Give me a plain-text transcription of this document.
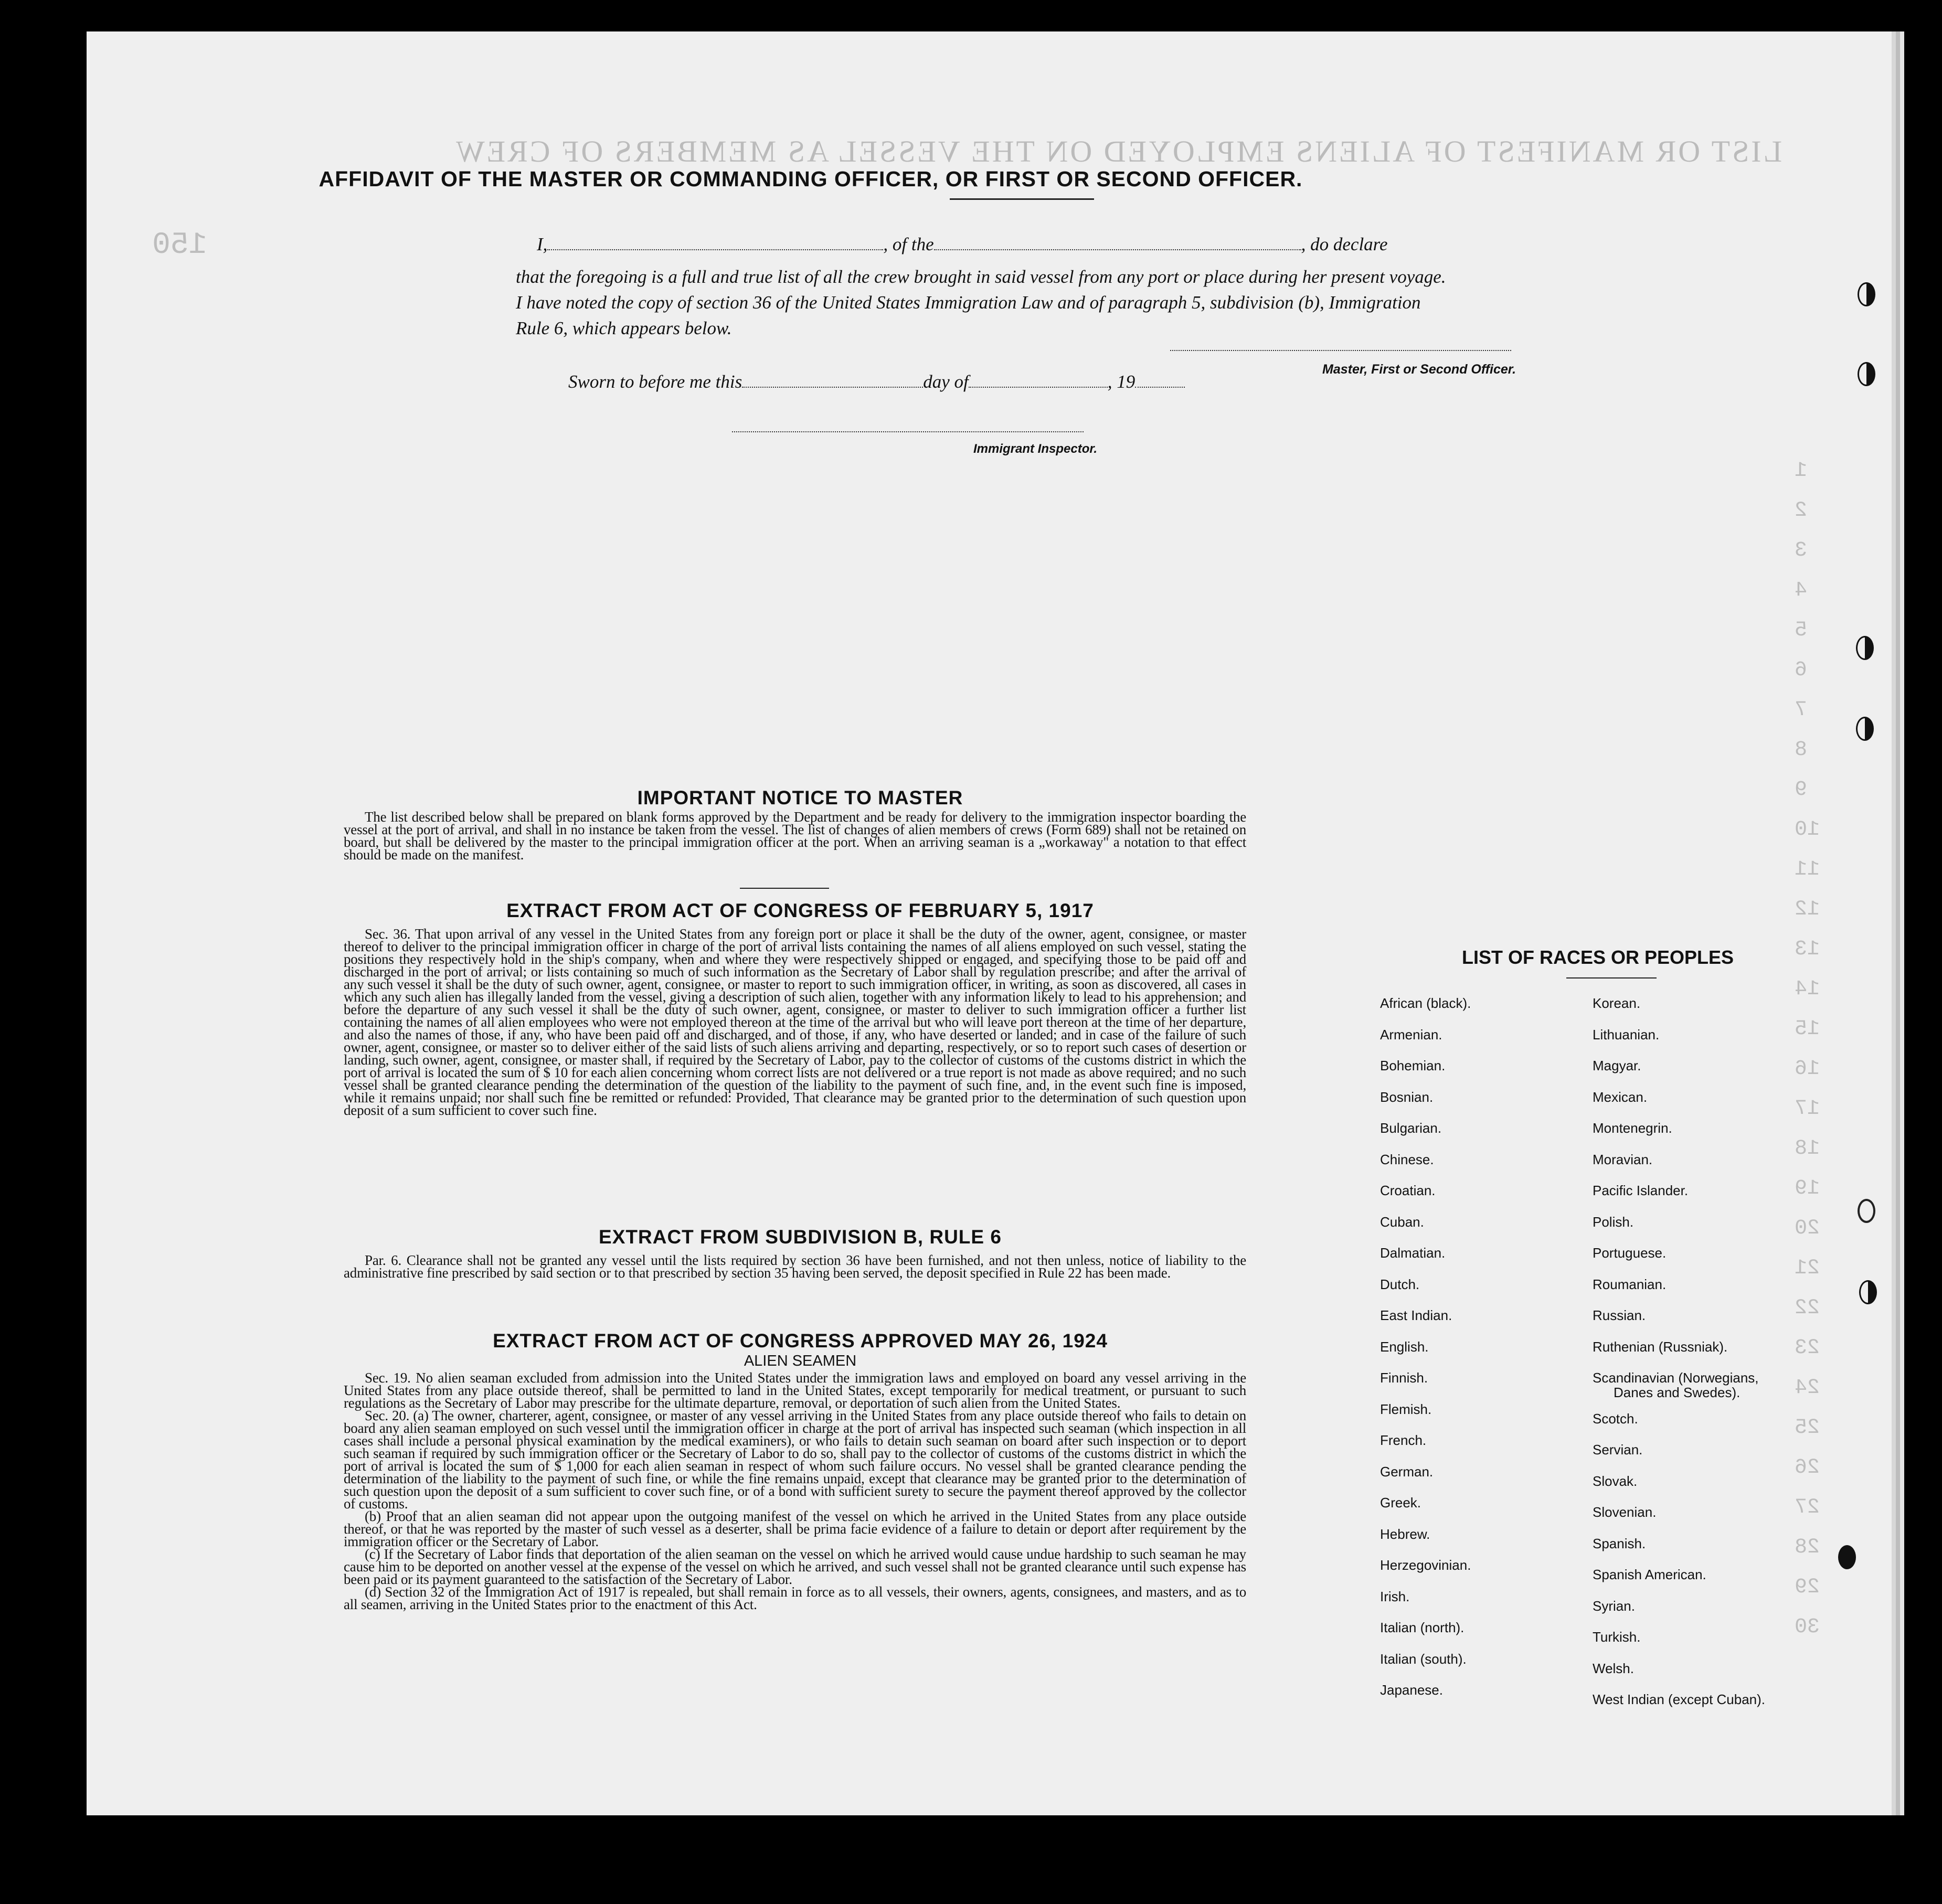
LIST OR MANIFEST OF ALIENS EMPLOYED ON THE VESSEL AS MEMBERS OF CREW
150
1
2
3
4
5
6
7
8
9
10
11
12
13
14
15
16
17
18
19
20
21
22
23
24
25
26
27
28
29
30
AFFIDAVIT OF THE MASTER OR COMMANDING OFFICER, OR FIRST OR SECOND OFFICER.
I,	, of the	, do declare
that the foregoing is a full and true list of all the crew brought in said vessel from any port or place during her present voyage.
I have noted the copy of section 36 of the United States Immigration Law and of paragraph 5, subdivision (b), Immigration
Rule 6, which appears below.
Master, First or Second Officer.
Sworn to before me this	day of	, 19
Immigrant Inspector.
IMPORTANT NOTICE TO MASTER

The list described below shall be prepared on blank forms approved by the Department and be ready for delivery to the immigration inspector boarding the vessel at the port of arrival, and shall in no instance be taken from the vessel. The list of changes of alien members of crews (Form 689) shall not be retained on board, but shall be delivered by the master to the principal immigration officer at the port. When an arriving seaman is a „workaway" a notation to that effect should be made on the manifest.

EXTRACT FROM ACT OF CONGRESS OF FEBRUARY 5, 1917

Sec. 36. That upon arrival of any vessel in the United States from any foreign port or place it shall be the duty of the owner, agent, consignee, or master thereof to deliver to the principal immigration officer in charge of the port of arrival lists containing the names of all aliens employed on such vessel, stating the positions they respectively hold in the ship's company, when and where they were respectively shipped or engaged, and specifying those to be paid off and discharged in the port of arrival; or lists containing so much of such information as the Secretary of Labor shall by regulation prescribe; and after the arrival of any such vessel it shall be the duty of such owner, agent, consignee, or master to report to such immigration officer, in writing, as soon as discovered, all cases in which any such alien has illegally landed from the vessel, giving a description of such alien, together with any information likely to lead to his apprehension; and before the departure of any such vessel it shall be the duty of such owner, agent, consignee, or master to deliver to such immigration officer a further list containing the names of all alien employees who were not employed thereon at the time of the arrival but who will leave port thereon at the time of her departure, and also the names of those, if any, who have been paid off and discharged, and of those, if any, who have deserted or landed; and in case of the failure of such owner, agent, consignee, or master so to deliver either of the said lists of such aliens arriving and departing, respectively, or so to report such cases of desertion or landing, such owner, agent, consignee, or master shall, if required by the Secretary of Labor, pay to the collector of customs of the customs district in which the port of arrival is located the sum of $ 10 for each alien concerning whom correct lists are not delivered or a true report is not made as above required; and no such vessel shall be granted clearance pending the determination of the question of the liability to the payment of such fine, and, in the event such fine is imposed, while it remains unpaid; nor shall such fine be remitted or refunded: Provided, That clearance may be granted prior to the determination of such question upon deposit of a sum sufficient to cover such fine.

EXTRACT FROM SUBDIVISION B, RULE 6

Par. 6. Clearance shall not be granted any vessel until the lists required by section 36 have been furnished, and not then unless, notice of liability to the administrative fine prescribed by said section or to that prescribed by section 35 having been served, the deposit specified in Rule 22 has been made.

EXTRACT FROM ACT OF CONGRESS APPROVED MAY 26, 1924
ALIEN SEAMEN

Sec. 19. No alien seaman excluded from admission into the United States under the immigration laws and employed on board any vessel arriving in the United States from any place outside thereof, shall be permitted to land in the United States, except temporarily for medical treatment, or pursuant to such regulations as the Secretary of Labor may prescribe for the ultimate departure, removal, or deportation of such alien from the United States.

Sec. 20. (a) The owner, charterer, agent, consignee, or master of any vessel arriving in the United States from any place outside thereof who fails to detain on board any alien seaman employed on such vessel until the immigration officer in charge at the port of arrival has inspected such seaman (which inspection in all cases shall include a personal physical examination by the medical examiners), or who fails to detain such seaman on board after such inspection or to deport such seaman if required by such immigration officer or the Secretary of Labor to do so, shall pay to the collector of customs of the customs district in which the port of arrival is located the sum of $ 1,000 for each alien seaman in respect of whom such failure occurs. No vessel shall be granted clearance pending the determination of the liability to the payment of such fine, or while the fine remains unpaid, except that clearance may be granted prior to the determination of such question upon the deposit of a sum sufficient to cover such fine, or of a bond with sufficient surety to secure the payment thereof approved by the collector of customs.

(b) Proof that an alien seaman did not appear upon the outgoing manifest of the vessel on which he arrived in the United States from any place outside thereof, or that he was reported by the master of such vessel as a deserter, shall be prima facie evidence of a failure to detain or deport after requirement by the immigration officer or the Secretary of Labor.

(c) If the Secretary of Labor finds that deportation of the alien seaman on the vessel on which he arrived would cause undue hardship to such seaman he may cause him to be deported on another vessel at the expense of the vessel on which he arrived, and such vessel shall not be granted clearance until such expense has been paid or its payment guaranteed to the satisfaction of the Secretary of Labor.

(d) Section 32 of the Immigration Act of 1917 is repealed, but shall remain in force as to all vessels, their owners, agents, consignees, and masters, and as to all seamen, arriving in the United States prior to the enactment of this Act.

LIST OF RACES OR PEOPLES
African (black).
Armenian.
Bohemian.
Bosnian.
Bulgarian.
Chinese.
Croatian.
Cuban.
Dalmatian.
Dutch.
East Indian.
English.
Finnish.
Flemish.
French.
German.
Greek.
Hebrew.
Herzegovinian.
Irish.
Italian (north).
Italian (south).
Japanese.
Korean.
Lithuanian.
Magyar.
Mexican.
Montenegrin.
Moravian.
Pacific Islander.
Polish.
Portuguese.
Roumanian.
Russian.
Ruthenian (Russniak).
Scandinavian (Norwegians,
Danes and Swedes).
Scotch.
Servian.
Slovak.
Slovenian.
Spanish.
Spanish American.
Syrian.
Turkish.
Welsh.
West Indian (except Cuban).
